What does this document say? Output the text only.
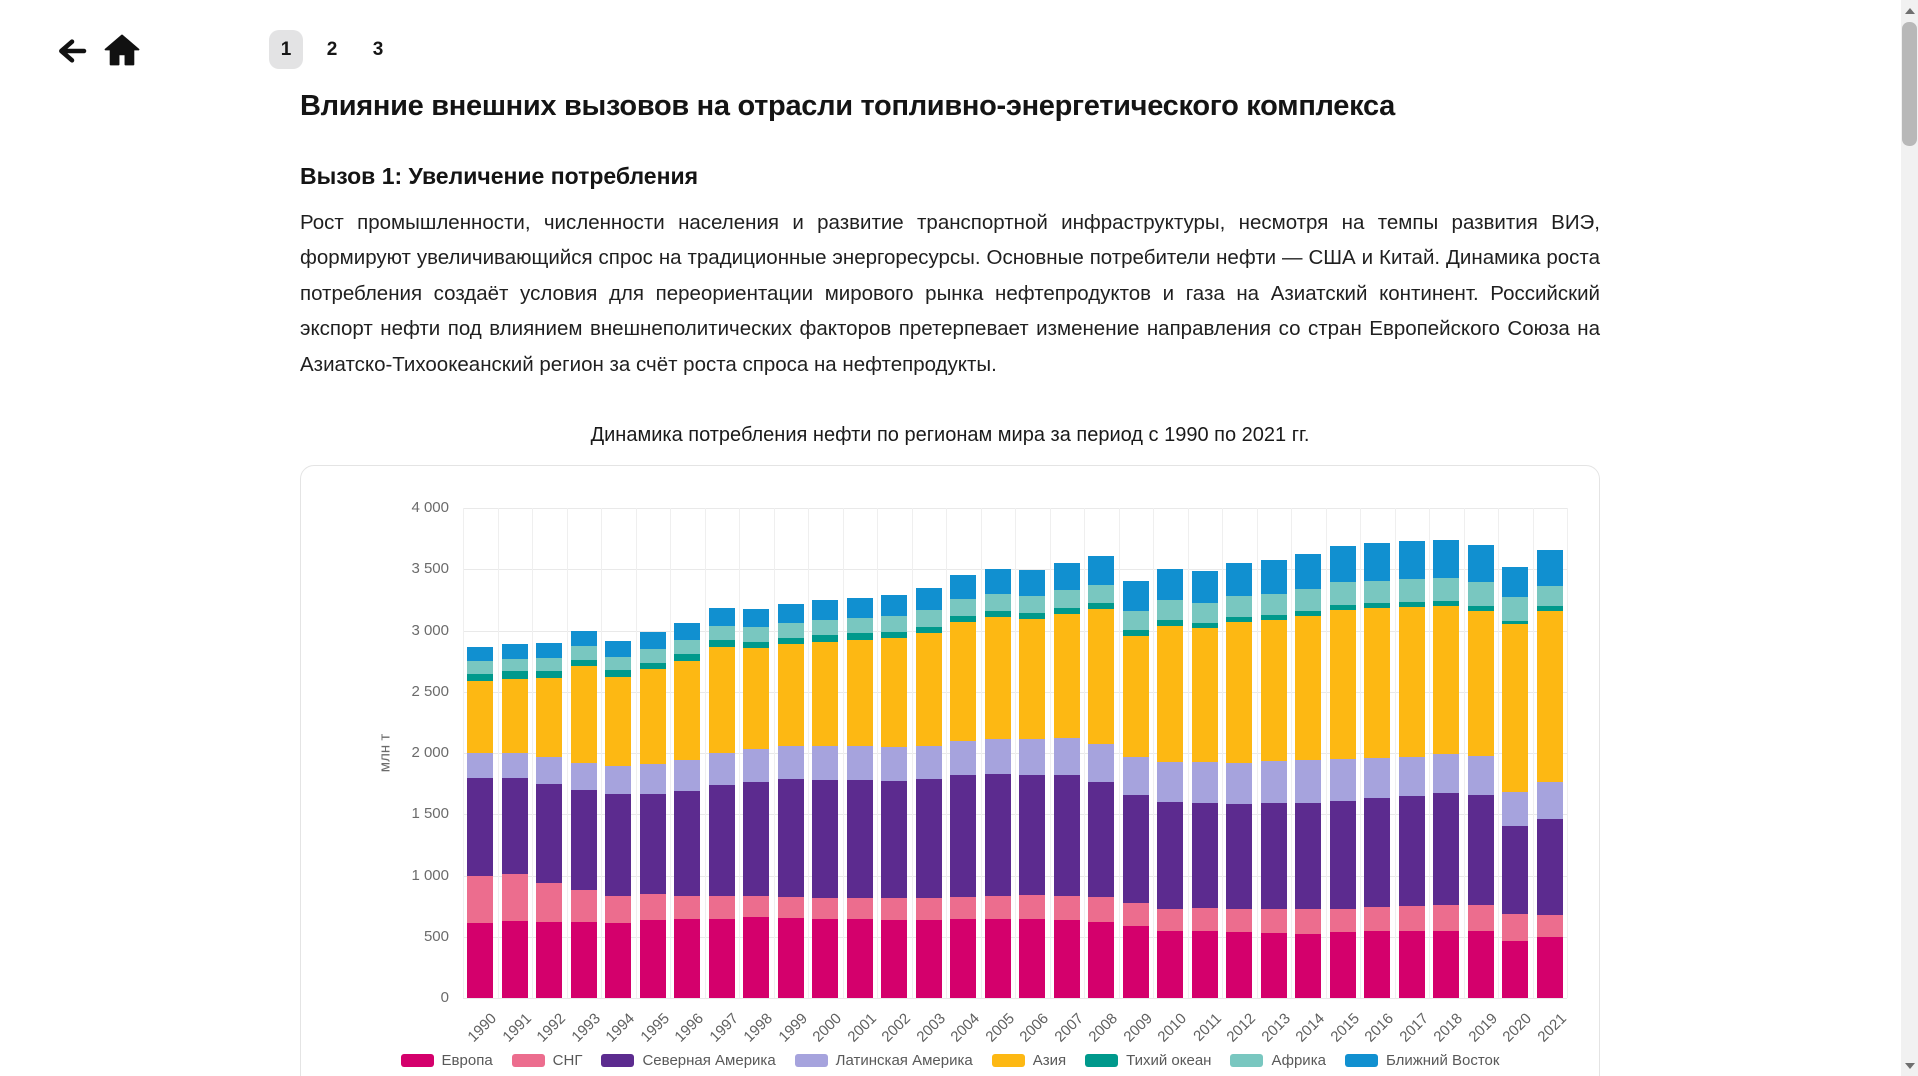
1	2	3
Влияние внешних вызовов на отрасли топливно-энергетического комплекса
Вызов 1: Увеличение потребления

Рост промышленности, численности населения и развитие транспортной инфраструктуры, несмотря на темпы развития ВИЭ, формируют увеличивающийся спрос на традиционные энергоресурсы. Основные потребители нефти — США и Китай. Динамика роста потребления создаёт условия для переориентации мирового рынка нефтепродуктов и газа на Азиатский континент. Российский экспорт нефти под влиянием внешнеполитических факторов претерпевает изменение направления со стран Европейского Союза на Азиатско-Тихоокеанский регион за счёт роста спроса на нефтепродукты.

Динамика потребления нефти по регионам мира за период с 1990 по 2021 гг.
0
500
1 000
1 500
2 000
2 500
3 000
3 500
4 000
млн т
1990
1991
1992
1993
1994
1995
1996
1997
1998
1999
2000
2001
2002
2003
2004
2005
2006
2007
2008
2009
2010 2011
2012
2013
2014
2015
2016
2017
2018
2019
2020
2021
Европа	СНГ	Северная Америка	Латинская Америка	Азия	Тихий океан	Африка	Ближний Восток
